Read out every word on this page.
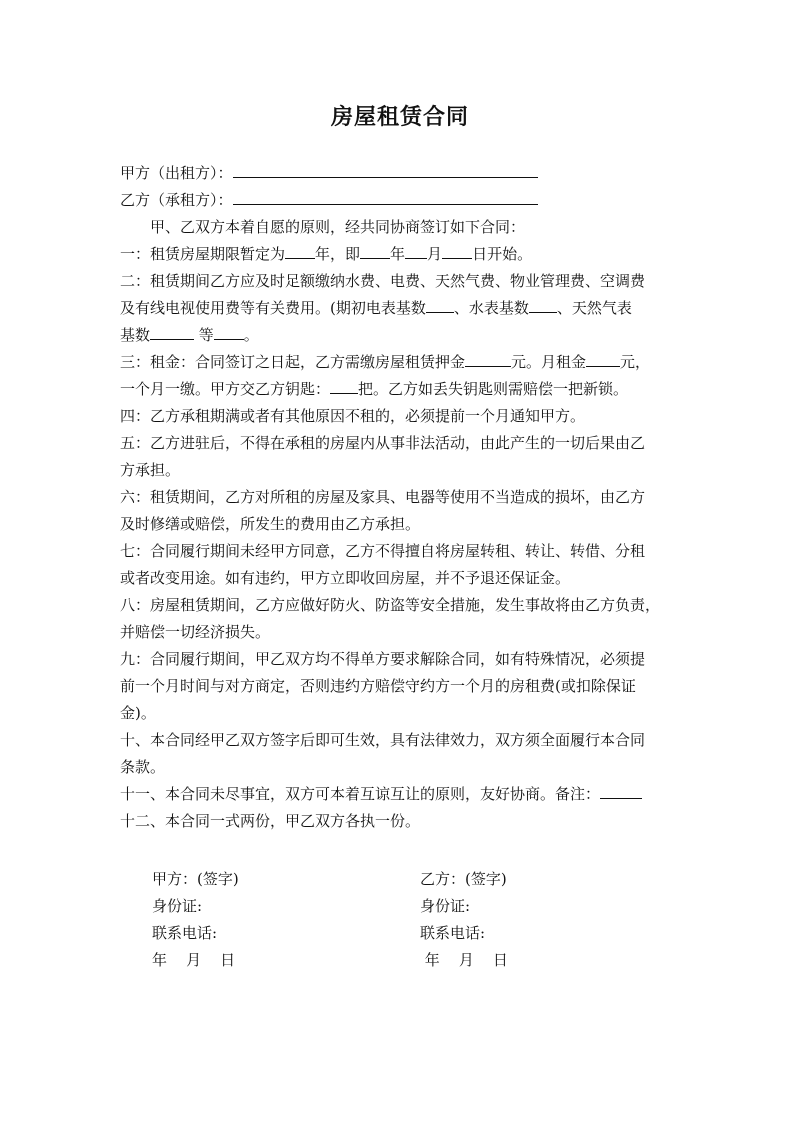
房屋租赁合同
甲方（出租方）：
乙方（承租方）：
甲、乙双方本着自愿的原则，经共同协商签订如下合同：
一：租赁房屋期限暂定为 年，即 年 月 日开始。
二：租赁期间乙方应及时足额缴纳水费、电费、天然气费、物业管理费、空调费
及有线电视使用费等有关费用。(期初电表基数 、水表基数 、天然气表
基数	等 。
三：租金：合同签订之日起，乙方需缴房屋租赁押金	元。月租金 元，
一个月一缴。甲方交乙方钥匙： 把。乙方如丢失钥匙则需赔偿一把新锁。
四：乙方承租期满或者有其他原因不租的，必须提前一个月通知甲方。
五：乙方进驻后，不得在承租的房屋内从事非法活动，由此产生的一切后果由乙
方承担。
六：租赁期间，乙方对所租的房屋及家具、电器等使用不当造成的损坏，由乙方
及时修缮或赔偿，所发生的费用由乙方承担。
七：合同履行期间未经甲方同意，乙方不得擅自将房屋转租、转让、转借、分租
或者改变用途。如有违约，甲方立即收回房屋，并不予退还保证金。
八：房屋租赁期间，乙方应做好防火、防盗等安全措施，发生事故将由乙方负责，
并赔偿一切经济损失。
九：合同履行期间，甲乙双方均不得单方要求解除合同，如有特殊情况，必须提
前一个月时间与对方商定，否则违约方赔偿守约方一个月的房租费(或扣除保证
金)。
十、本合同经甲乙双方签字后即可生效，具有法律效力，双方须全面履行本合同
条款。
十一、本合同未尽事宜，双方可本着互谅互让的原则，友好协商。备注：
十二、本合同一式两份，甲乙双方各执一份。
甲方：(签字)
身份证:
联系电话:
年    月    日
乙方：(签字)
身份证:
联系电话:
年    月    日
